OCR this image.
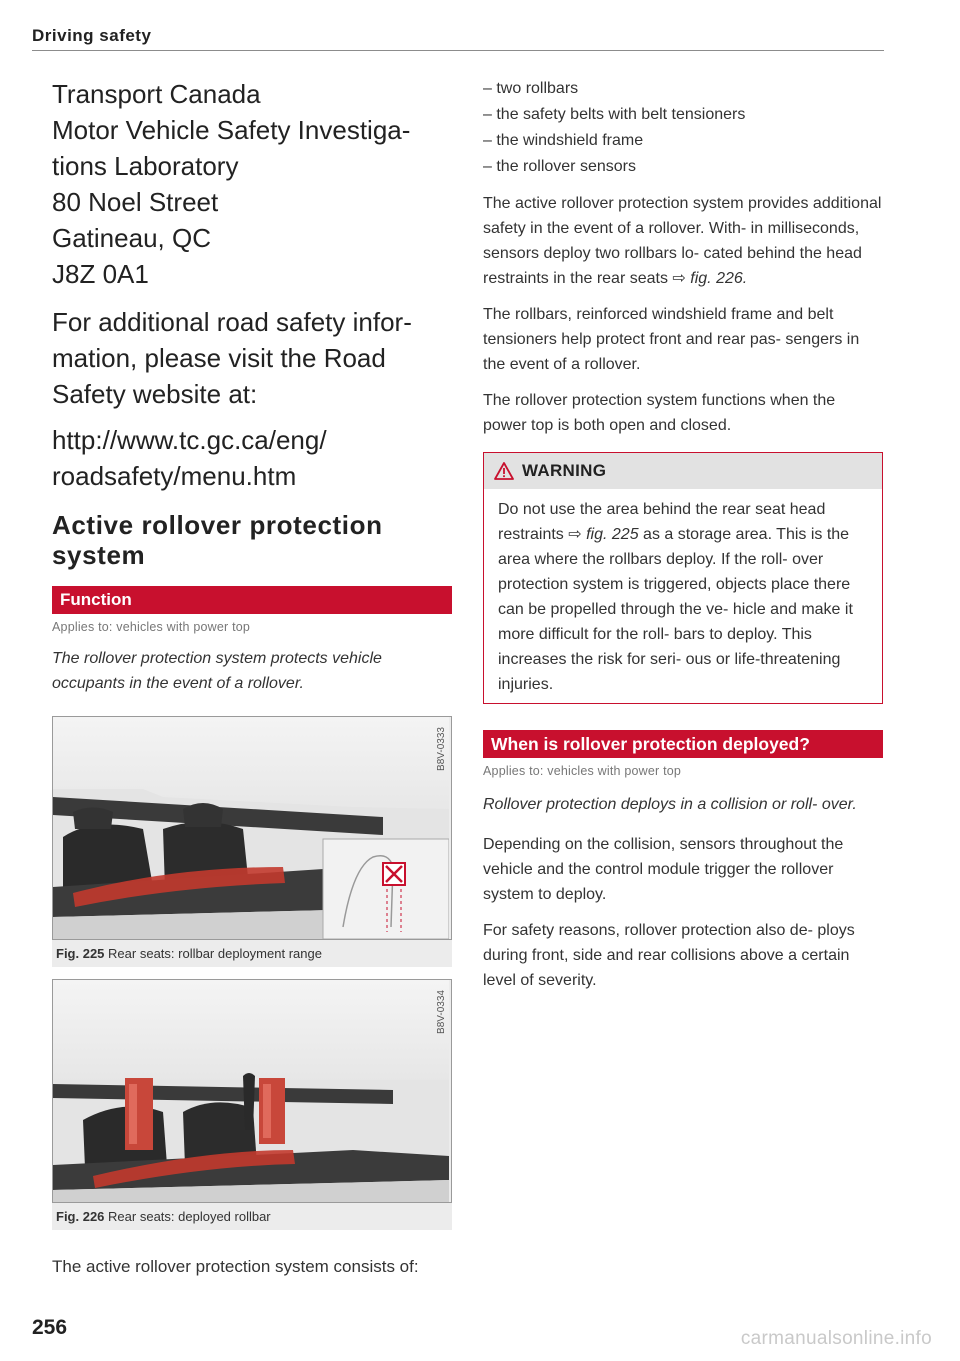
Driving safety
Transport Canada
Motor Vehicle Safety Investiga-
tions Laboratory
80 Noel Street
Gatineau, QC
J8Z 0A1
For additional road safety infor- mation, please visit the Road Safety website at:
http://www.tc.gc.ca/eng/
roadsafety/menu.htm
Active rollover protection system
Function
Applies to: vehicles with power top
The rollover protection system protects vehicle occupants in the event of a rollover.
B8V-0333
Fig. 225 Rear seats: rollbar deployment range
B8V-0334
Fig. 226 Rear seats: deployed rollbar
The active rollover protection system consists of:
– two rollbars
– the safety belts with belt tensioners
– the windshield frame
– the rollover sensors
The active rollover protection system provides additional safety in the event of a rollover. With- in milliseconds, sensors deploy two rollbars lo- cated behind the head restraints in the rear seats ⇨ fig. 226.
The rollbars, reinforced windshield frame and belt tensioners help protect front and rear pas- sengers in the event of a rollover.
The rollover protection system functions when the power top is both open and closed.
WARNING
Do not use the area behind the rear seat head restraints ⇨ fig. 225 as a storage area. This is the area where the rollbars deploy. If the roll- over protection system is triggered, objects place there can be propelled through the ve- hicle and make it more difficult for the roll- bars to deploy. This increases the risk for seri- ous or life-threatening injuries.
When is rollover protection deployed?
Applies to: vehicles with power top
Rollover protection deploys in a collision or roll- over.
Depending on the collision, sensors throughout the vehicle and the control module trigger the rollover system to deploy.
For safety reasons, rollover protection also de- ploys during front, side and rear collisions above a certain level of severity.
256	carmanualsonline.info
